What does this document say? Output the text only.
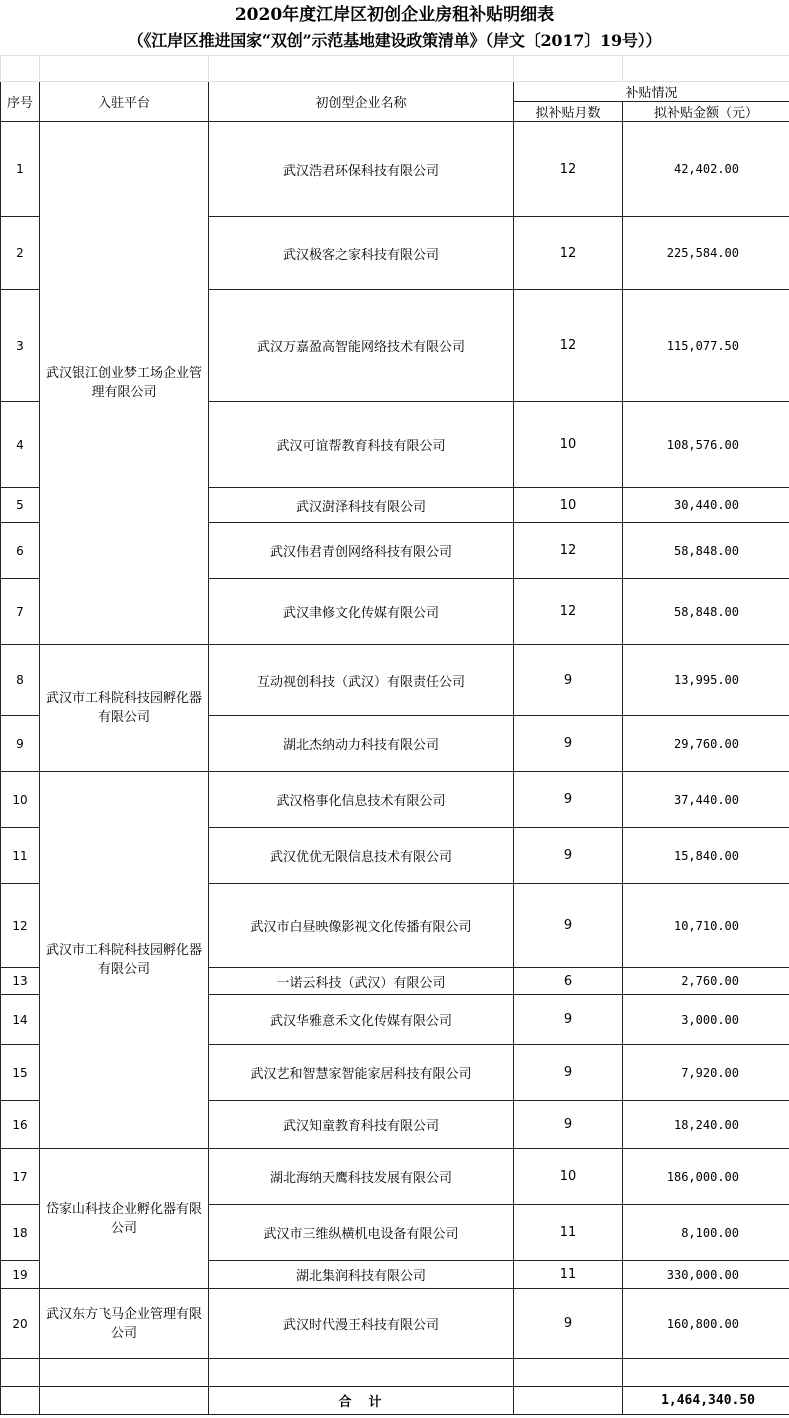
2020年度江岸区初创企业房租补贴明细表
（《江岸区推进国家“双创”示范基地建设政策清单》（岸文〔2017〕19号））

序号	入驻平台	初创型企业名称	补贴情况	
			拟补贴月数	拟补贴金额（元）
1	武汉银江创业梦工场企业管理有限公司	武汉浩君环保科技有限公司	12	42,402.00
2		武汉极客之家科技有限公司	12	225,584.00
3		武汉万嘉盈高智能网络技术有限公司	12	115,077.50
4		武汉可谊帮教育科技有限公司	10	108,576.00
5		武汉澍泽科技有限公司	10	30,440.00
6		武汉伟君青创网络科技有限公司	12	58,848.00
7		武汉聿修文化传媒有限公司	12	58,848.00
8	武汉市工科院科技园孵化器有限公司	互动视创科技（武汉）有限责任公司	9	13,995.00
9		湖北杰纳动力科技有限公司	9	29,760.00
10	武汉市工科院科技园孵化器有限公司	武汉格事化信息技术有限公司	9	37,440.00
11		武汉优优无限信息技术有限公司	9	15,840.00
12		武汉市白昼映像影视文化传播有限公司	9	10,710.00
13		一诺云科技（武汉）有限公司	6	2,760.00
14		武汉华雅意禾文化传媒有限公司	9	3,000.00
15		武汉艺和智慧家智能家居科技有限公司	9	7,920.00
16		武汉知童教育科技有限公司	9	18,240.00
17	岱家山科技企业孵化器有限公司	湖北海纳天鹰科技发展有限公司	10	186,000.00
18		武汉市三维纵横机电设备有限公司	11	8,100.00
19		湖北集润科技有限公司	11	330,000.00
20	武汉东方飞马企业管理有限公司	武汉时代漫王科技有限公司	9	160,800.00

		合　计		1,464,340.50
